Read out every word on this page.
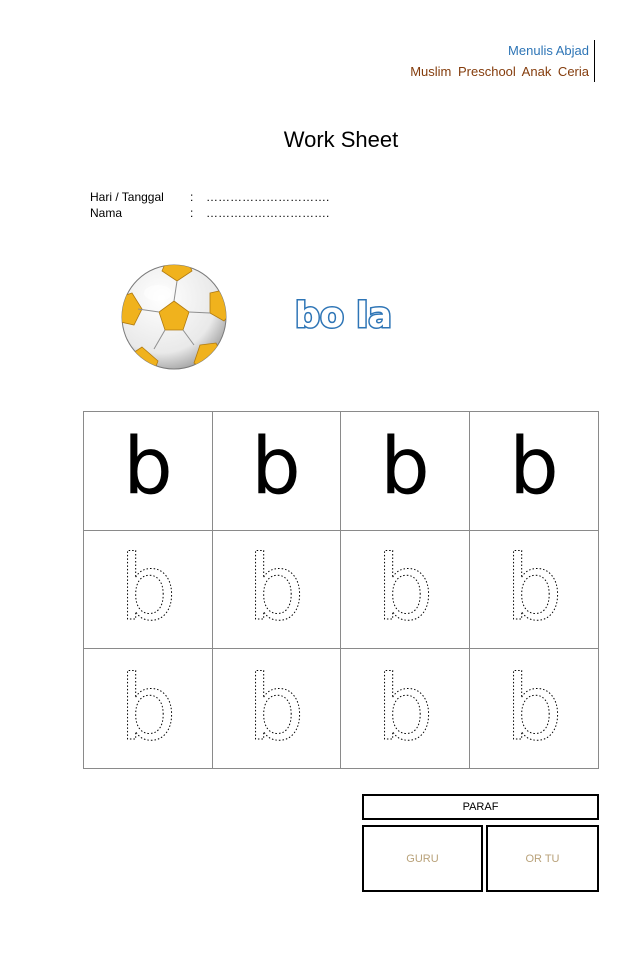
Menulis Abjad
Muslim Preschool Anak Ceria
Work Sheet
Hari / Tanggal	:	………………………….
Nama	:	………………………….
bo la
b b b b
b b b b
b b b b
PARAF
GURU	OR TU
